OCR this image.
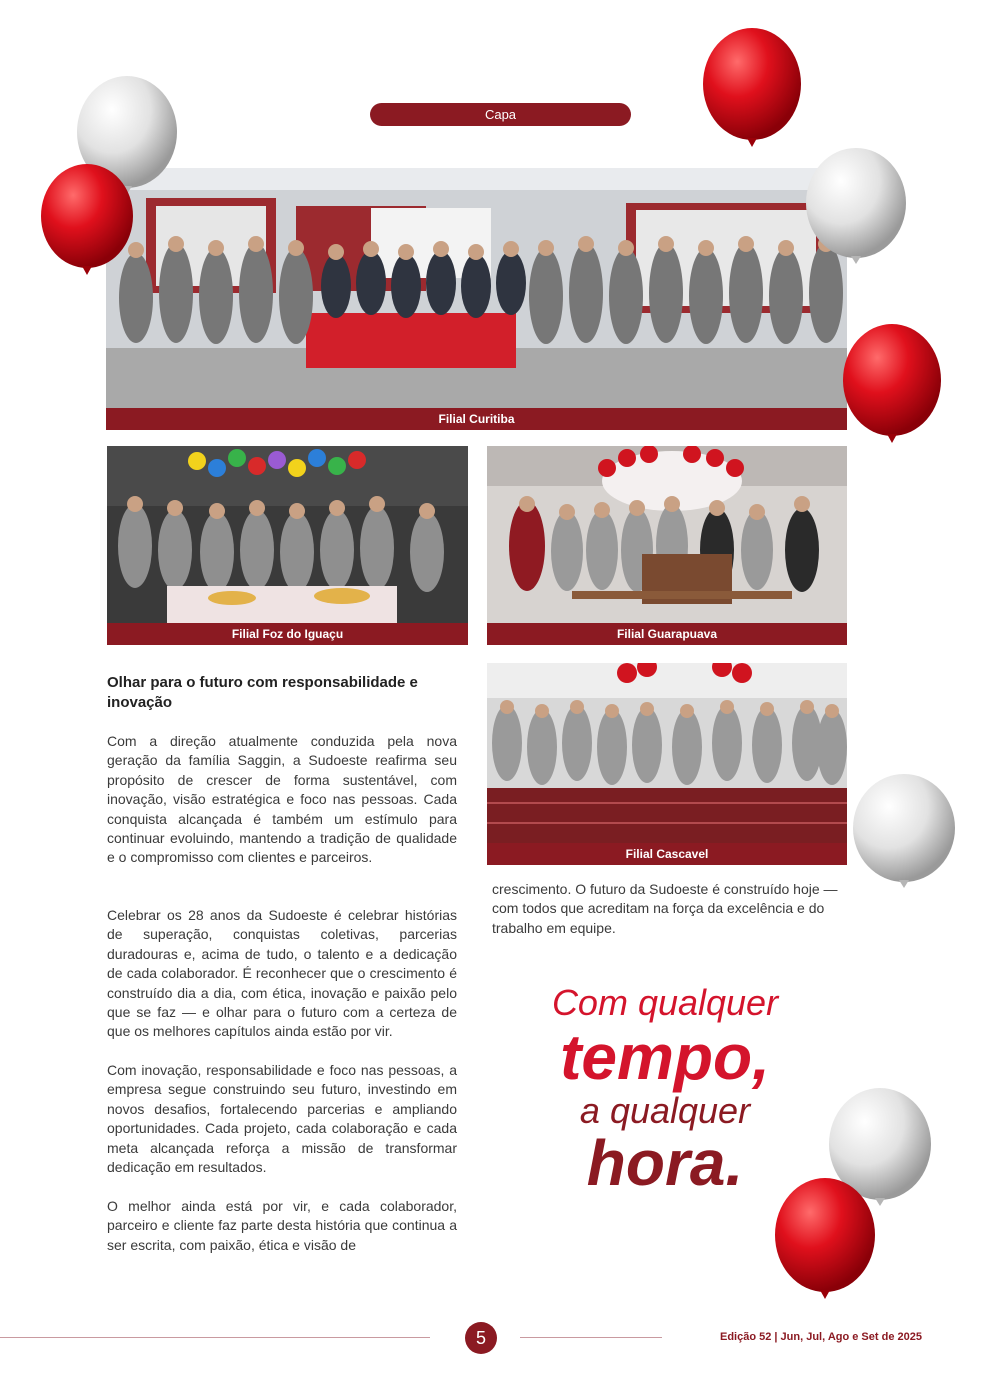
Capa
Filial Curitiba
Filial Foz do Iguaçu	Filial Guarapuava
Filial Cascavel
Olhar para o futuro com responsabilidade e inovação

Com a direção atualmente conduzida pela nova geração da família Saggin, a Sudoeste reafirma seu propósito de crescer de forma sustentável, com inovação, visão estratégica e foco nas pessoas. Cada conquista alcançada é também um estímulo para continuar evoluindo, mantendo a tradição de qualidade e o compromisso com clientes e parceiros.

Celebrar os 28 anos da Sudoeste é celebrar histórias de superação, conquistas coletivas, parcerias duradouras e, acima de tudo, o talento e a dedicação de cada colaborador. É reconhecer que o crescimento é construído dia a dia, com ética, inovação e paixão pelo que se faz — e olhar para o futuro com a certeza de que os melhores capítulos ainda estão por vir.

Com inovação, responsabilidade e foco nas pessoas, a empresa segue construindo seu futuro, investindo em novos desafios, fortalecendo parcerias e ampliando oportunidades. Cada projeto, cada colaboração e cada meta alcançada reforça a missão de transformar dedicação em resultados.

O melhor ainda está por vir, e cada colaborador, parceiro e cliente faz parte desta história que continua a ser escrita, com paixão, ética e visão de

crescimento. O futuro da Sudoeste é construído hoje — com todos que acreditam na força da excelência e do trabalho em equipe.

Com qualquer
tempo,
a qualquer
hora.
5	Edição 52 | Jun, Jul, Ago e Set de 2025
